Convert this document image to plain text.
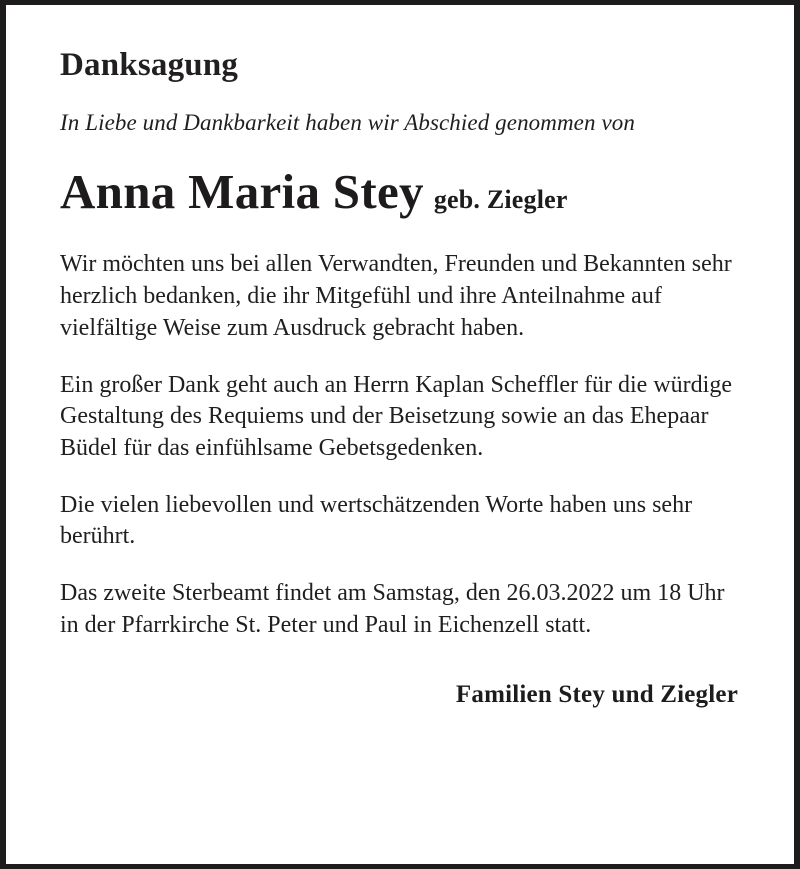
Danksagung

In Liebe und Dankbarkeit haben wir Abschied genommen von

Anna Maria Stey geb. Ziegler

Wir möchten uns bei allen Verwandten, Freunden und Bekannten sehr herzlich bedanken, die ihr Mitgefühl und ihre Anteilnahme auf vielfältige Weise zum Ausdruck gebracht haben.

Ein großer Dank geht auch an Herrn Kaplan Scheffler für die würdige Gestaltung des Requiems und der Beisetzung sowie an das Ehepaar Büdel für das einfühlsame Gebetsgedenken.

Die vielen liebevollen und wertschätzenden Worte haben uns sehr berührt.

Das zweite Sterbeamt findet am Samstag, den 26.03.2022 um 18 Uhr in der Pfarrkirche St. Peter und Paul in Eichenzell statt.

Familien Stey und Ziegler
